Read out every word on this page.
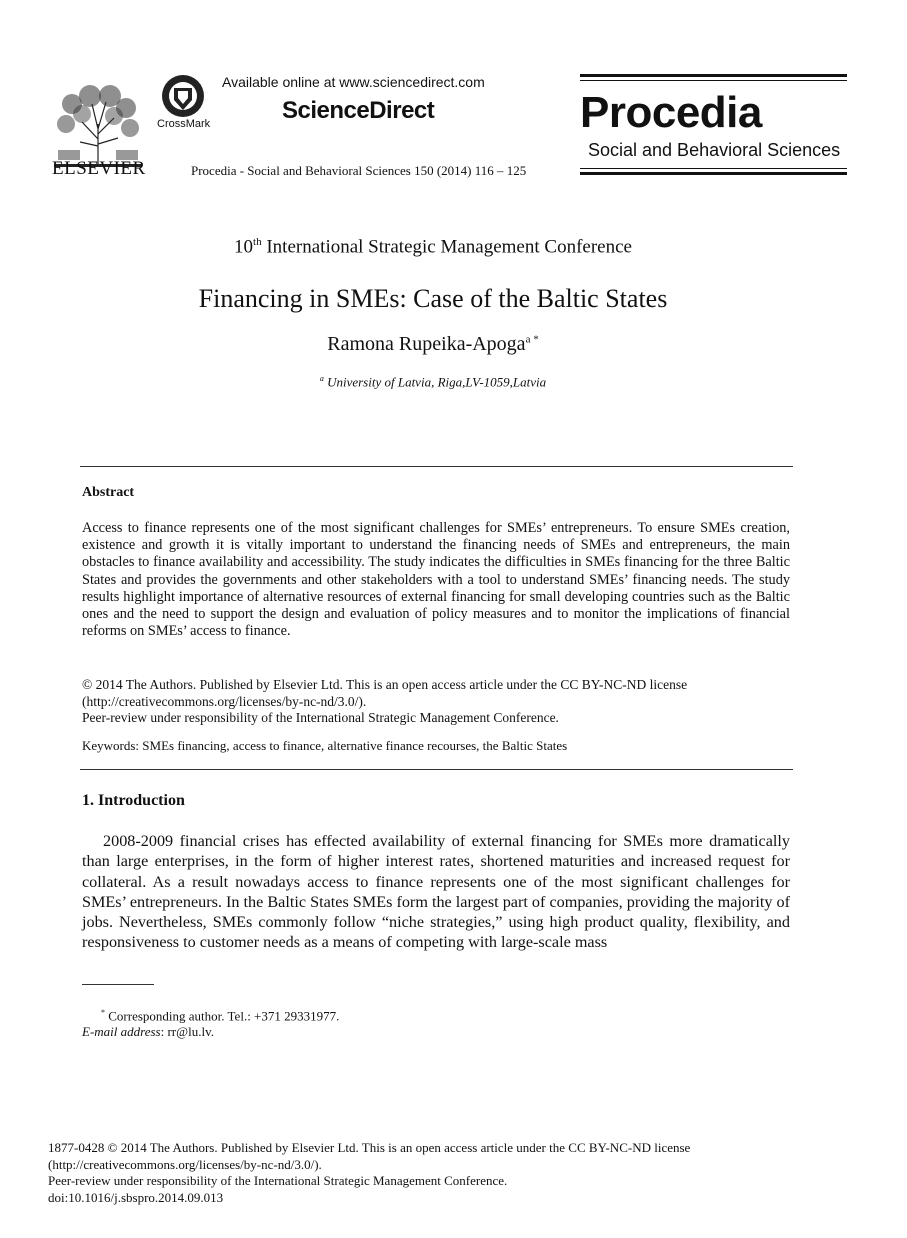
ELSEVIER
CrossMark
Available online at www.sciencedirect.com
ScienceDirect
Procedia - Social and Behavioral Sciences 150 (2014) 116 – 125
Procedia
Social and Behavioral Sciences
10th International Strategic Management Conference
Financing in SMEs: Case of the Baltic States
Ramona Rupeika-Apoga$^{a *}$
$^a$ University of Latvia, Riga,LV-1059,Latvia
Abstract

Access to finance represents one of the most significant challenges for SMEs’ entrepreneurs. To ensure SMEs creation, existence and growth it is vitally important to understand the financing needs of SMEs and entrepreneurs, the main obstacles to finance availability and accessibility. The study indicates the difficulties in SMEs financing for the three Baltic States and provides the governments and other stakeholders with a tool to understand SMEs’ financing needs. The study results highlight importance of alternative resources of external financing for small developing countries such as the Baltic ones and the need to support the design and evaluation of policy measures and to monitor the implications of financial reforms on SMEs’ access to finance.

© 2014 The Authors. Published by Elsevier Ltd. This is an open access article under the CC BY-NC-ND license

(http://creativecommons.org/licenses/by-nc-nd/3.0/).

Peer-review under responsibility of the International Strategic Management Conference.

Keywords: SMEs financing, access to finance, alternative finance recourses, the Baltic States
1. Introduction

2008-2009 financial crises has effected availability of external financing for SMEs more dramatically than large enterprises, in the form of higher interest rates, shortened maturities and increased request for collateral. As a result nowadays access to finance represents one of the most significant challenges for SMEs’ entrepreneurs. In the Baltic States SMEs form the largest part of companies, providing the majority of jobs. Nevertheless, SMEs commonly follow “niche strategies,” using high product quality, flexibility, and responsiveness to customer needs as a means of competing with large-scale mass

* Corresponding author. Tel.: +371 29331977.
E-mail address: rr@lu.lv.

1877-0428 © 2014 The Authors. Published by Elsevier Ltd. This is an open access article under the CC BY-NC-ND license

(http://creativecommons.org/licenses/by-nc-nd/3.0/).

Peer-review under responsibility of the International Strategic Management Conference.

doi:10.1016/j.sbspro.2014.09.013
